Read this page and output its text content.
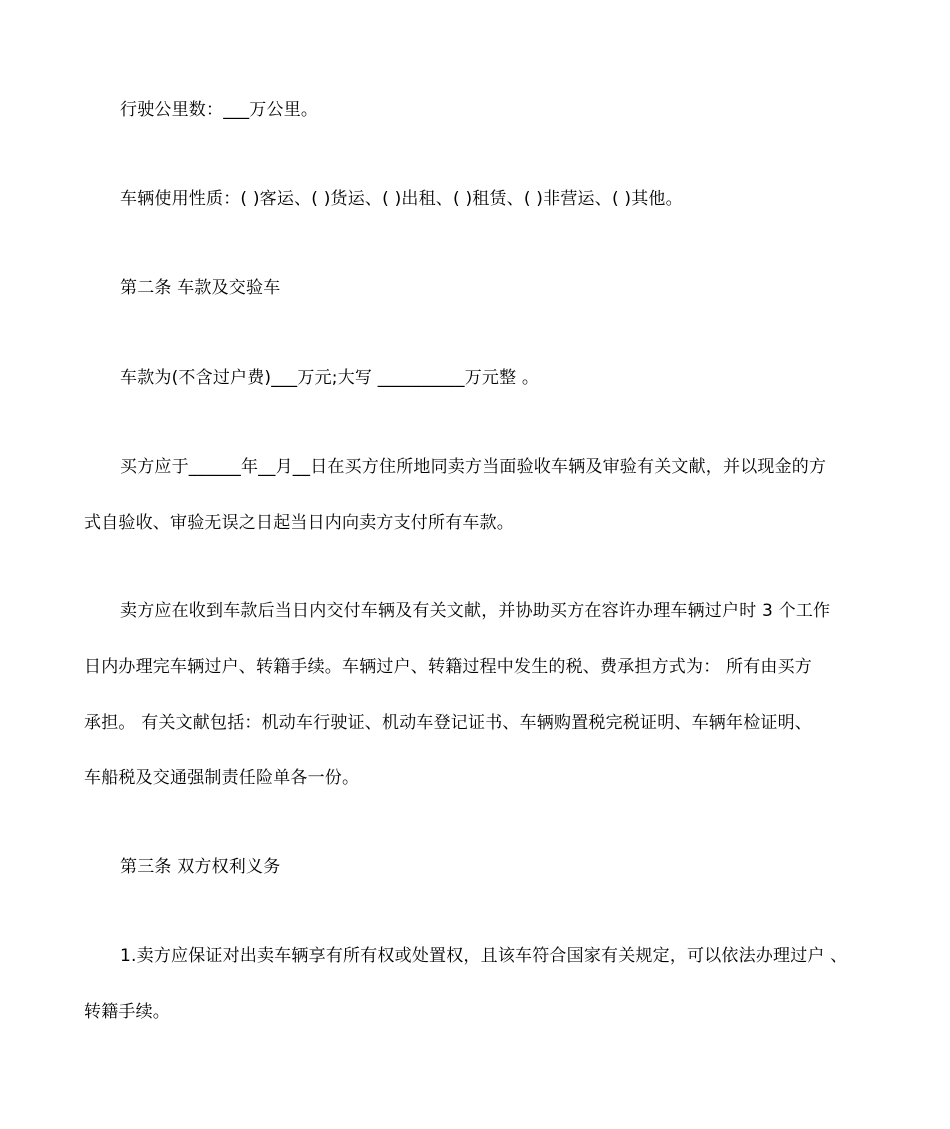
行驶公里数：___万公里。
车辆使用性质：( )客运、( )货运、( )出租、( )租赁、( )非营运、( )其他。
第二条 车款及交验车
车款为(不含过户费)___万元;大写 __________万元整 。
买方应于______年__月__日在买方住所地同卖方当面验收车辆及审验有关文献，并以现金的方
式自验收、审验无误之日起当日内向卖方支付所有车款。
卖方应在收到车款后当日内交付车辆及有关文献，并协助买方在容许办理车辆过户时 3 个工作
日内办理完车辆过户、转籍手续。车辆过户、转籍过程中发生的税、费承担方式为： 所有由买方
承担。 有关文献包括：机动车行驶证、机动车登记证书、车辆购置税完税证明、车辆年检证明、
车船税及交通强制责任险单各一份。
第三条 双方权利义务
1.卖方应保证对出卖车辆享有所有权或处置权，且该车符合国家有关规定，可以依法办理过户 、
转籍手续。
